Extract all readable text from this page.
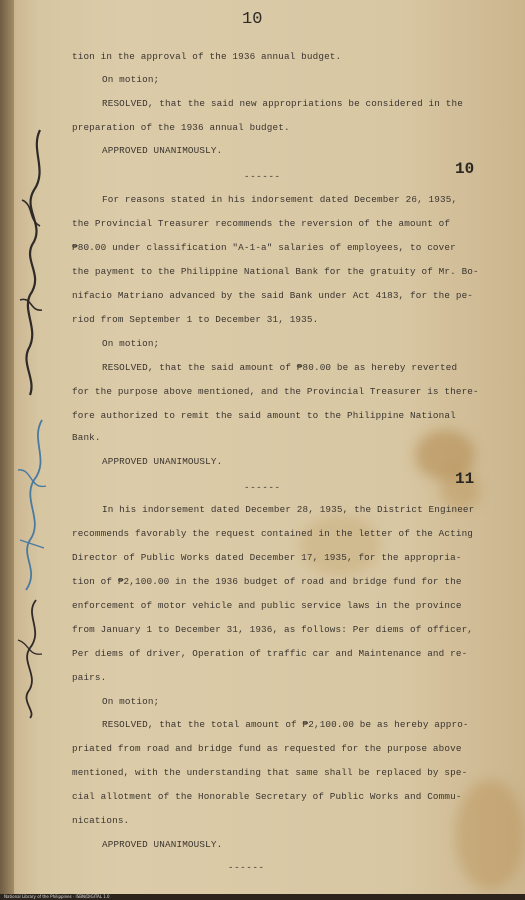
10
tion in the approval of the 1936 annual budget.
On motion;
RESOLVED, that the said new appropriations be considered in the
preparation of the 1936 annual budget.
APPROVED UNANIMOUSLY.
------	10
For reasons stated in his indorsement dated December 26, 1935,
the Provincial Treasurer recommends the reversion of the amount of
₱80.00 under classification "A-1-a" salaries of employees, to cover
the payment to the Philippine National Bank for the gratuity of Mr. Bo-
nifacio Matriano advanced by the said Bank under Act 4183, for the pe-
riod from September 1 to December 31, 1935.
On motion;
RESOLVED, that the said amount of ₱80.00 be as hereby reverted
for the purpose above mentioned, and the Provincial Treasurer is there-
fore authorized to remit the said amount to the Philippine National
Bank.
APPROVED UNANIMOUSLY.
------	11
In his indorsement dated December 28, 1935, the District Engineer
recommends favorably the request contained in the letter of the Acting
Director of Public Works dated December 17, 1935, for the appropria-
tion of ₱2,100.00 in the 1936 budget of road and bridge fund for the
enforcement of motor vehicle and public service laws in the province
from January 1 to December 31, 1936, as follows: Per diems of officer,
Per diems of driver, Operation of traffic car and Maintenance and re-
pairs.
On motion;
RESOLVED, that the total amount of ₱2,100.00 be as hereby appro-
priated from road and bridge fund as requested for the purpose above
mentioned, with the understanding that same shall be replaced by spe-
cial allotment of the Honorable Secretary of Public Works and Commu-
nications.
APPROVED UNANIMOUSLY.
------
National Library of the Philippines · ISBN/DIGITAL 1.0
